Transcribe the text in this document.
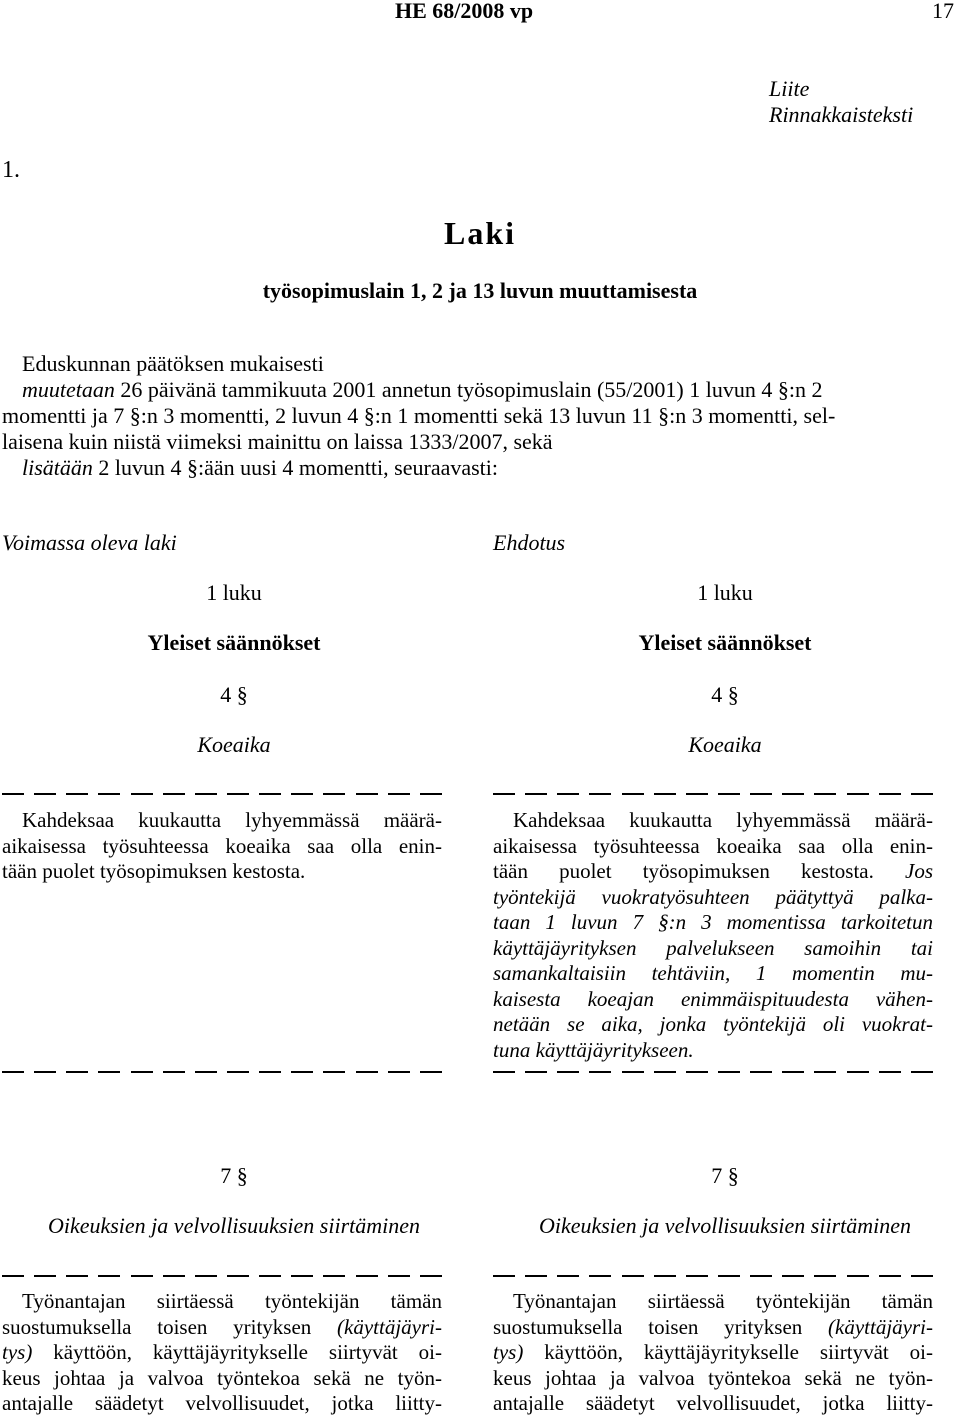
HE 68/2008 vp	17
Liite
Rinnakkaisteksti
1.
Laki
työsopimuslain 1, 2 ja 13 luvun muuttamisesta
Eduskunnan päätöksen mukaisesti
muutetaan 26 päivänä tammikuuta 2001 annetun työsopimuslain (55/2001) 1 luvun 4 §:n 2
momentti ja 7 §:n 3 momentti, 2 luvun 4 §:n 1 momentti sekä 13 luvun 11 §:n 3 momentti, sel-
laisena kuin niistä viimeksi mainittu on laissa 1333/2007, sekä
lisätään 2 luvun 4 §:ään uusi 4 momentti, seuraavasti:
Voimassa oleva laki	Ehdotus
1 luku
Yleiset säännökset
4 §
Koeaika
1 luku
Yleiset säännökset
4 §
Koeaika
Kahdeksaa kuukautta lyhyemmässä määrä-
aikaisessa työsuhteessa koeaika saa olla enin-
tään puolet työsopimuksen kestosta.
Kahdeksaa kuukautta lyhyemmässä määrä-
aikaisessa työsuhteessa koeaika saa olla enin-
tään puolet työsopimuksen kestosta. Jos
työntekijä vuokratyösuhteen päätyttyä palka-
taan 1 luvun 7 §:n 3 momentissa tarkoitetun
käyttäjäyrityksen palvelukseen samoihin tai
samankaltaisiin tehtäviin, 1 momentin mu-
kaisesta koeajan enimmäispituudesta vähen-
netään se aika, jonka työntekijä oli vuokrat-
tuna käyttäjäyritykseen.
7 §
Oikeuksien ja velvollisuuksien siirtäminen
7 §
Oikeuksien ja velvollisuuksien siirtäminen
Työnantajan siirtäessä työntekijän tämän
suostumuksella toisen yrityksen (käyttäjäyri-
tys) käyttöön, käyttäjäyritykselle siirtyvät oi-
keus johtaa ja valvoa työntekoa sekä ne työn-
antajalle säädetyt velvollisuudet, jotka liitty-
Työnantajan siirtäessä työntekijän tämän
suostumuksella toisen yrityksen (käyttäjäyri-
tys) käyttöön, käyttäjäyritykselle siirtyvät oi-
keus johtaa ja valvoa työntekoa sekä ne työn-
antajalle säädetyt velvollisuudet, jotka liitty-
